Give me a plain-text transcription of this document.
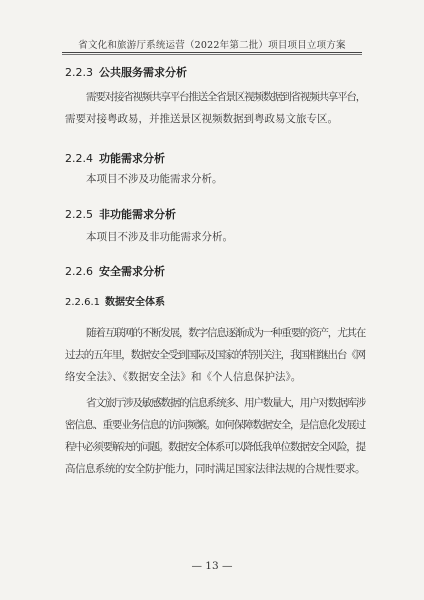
省文化和旅游厅系统运营（2022年第二批）项目项目立项方案
2.2.3 公共服务需求分析
需要对接省视频共享平台推送全省景区视频数据到省视频共享平台，
需要对接粤政易，并推送景区视频数据到粤政易文旅专区。
2.2.4 功能需求分析
本项目不涉及功能需求分析。
2.2.5 非功能需求分析
本项目不涉及非功能需求分析。
2.2.6 安全需求分析
2.2.6.1 数据安全体系
随着互联网的不断发展，数字信息逐渐成为一种重要的资产，尤其在
过去的五年里，数据安全受到国际及国家的特别关注，我国相继出台《网
络安全法》、《数据安全法》和《个人信息保护法》。
省文旅厅涉及敏感数据的信息系统多、用户数量大，用户对数据库涉
密信息、重要业务信息的访问频繁。如何保障数据安全，是信息化发展过
程中必须要解决的问题。数据安全体系可以降低我单位数据安全风险，提
高信息系统的安全防护能力，同时满足国家法律法规的合规性要求。
— 13 —
